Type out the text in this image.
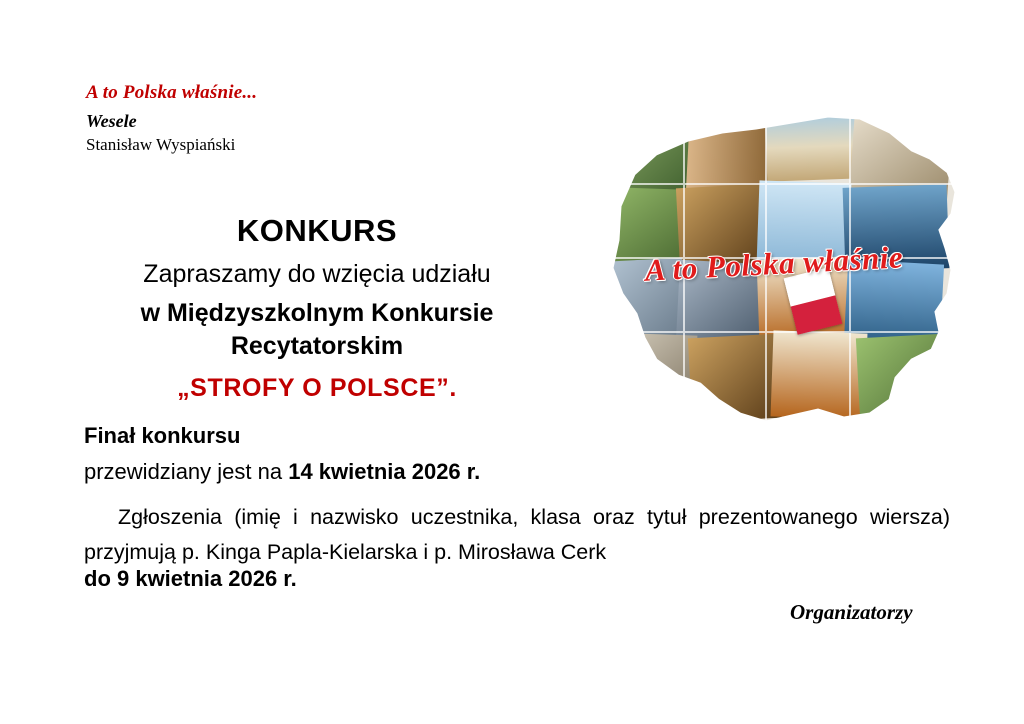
A to Polska właśnie...
Wesele
Stanisław Wyspiański
A to Polska właśnie
KONKURS
Zapraszamy do wzięcia udziału
w Międzyszkolnym Konkursie
Recytatorskim
„STROFY O POLSCE”.
Finał konkursu
przewidziany jest na 14 kwietnia 2026 r.
Zgłoszenia (imię i nazwisko uczestnika, klasa oraz tytuł prezentowanego wiersza) przyjmują p. Kinga Papla-Kielarska i p. Mirosława Cerk
do 9 kwietnia 2026 r.
Organizatorzy
